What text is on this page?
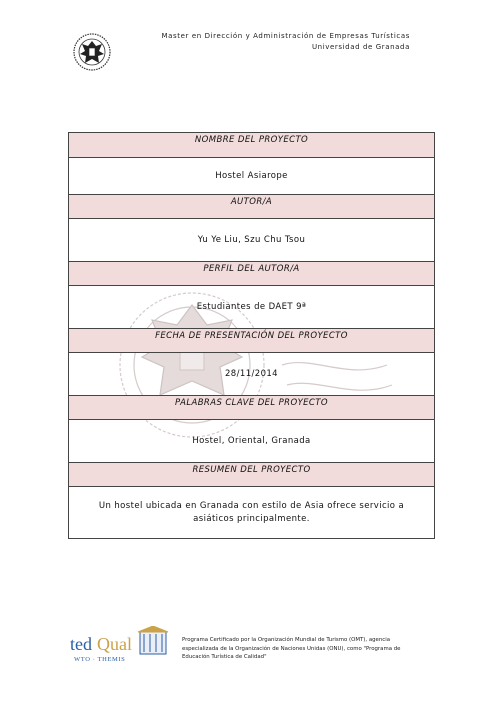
Master en Dirección y Administración de Empresas Turísticas
Universidad de Granada
NOMBRE DEL PROYECTO
Hostel Asiarope
AUTOR/A
Yu Ye Liu, Szu Chu Tsou
PERFIL DEL AUTOR/A
Estudiantes de DAET 9ª
FECHA DE PRESENTACIÓN DEL PROYECTO
28/11/2014
PALABRAS CLAVE DEL PROYECTO
Hostel, Oriental, Granada
RESUMEN DEL PROYECTO
Un hostel ubicada en Granada con estilo de Asia ofrece servicio a asiáticos principalmente.
ted Qual
WTO · THEMIS
Programa Certificado por la Organización Mundial de Turismo (OMT), agencia especializada de la Organización de Naciones Unidas (ONU), como "Programa de Educación Turística de Calidad"
